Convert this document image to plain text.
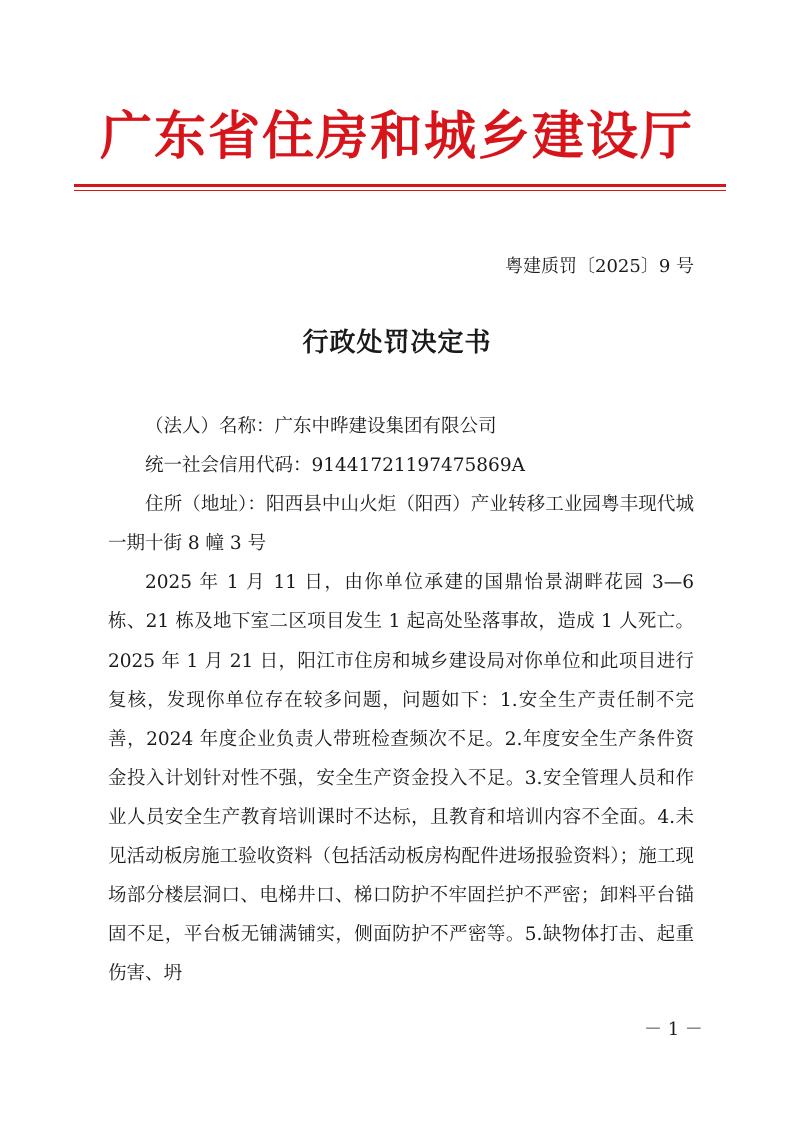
广东省住房和城乡建设厅
粤建质罚〔2025〕9 号
行政处罚决定书

（法人）名称：广东中晔建设集团有限公司

统一社会信用代码：91441721197475869A

住所（地址）：阳西县中山火炬（阳西）产业转移工业园粤丰现代城一期十街 8 幢 3 号

2025 年 1 月 11 日，由你单位承建的国鼎怡景湖畔花园 3—6 栋、21 栋及地下室二区项目发生 1 起高处坠落事故，造成 1 人死亡。2025 年 1 月 21 日，阳江市住房和城乡建设局对你单位和此项目进行复核，发现你单位存在较多问题，问题如下：1.安全生产责任制不完善，2024 年度企业负责人带班检查频次不足。2.年度安全生产条件资金投入计划针对性不强，安全生产资金投入不足。3.安全管理人员和作业人员安全生产教育培训课时不达标，且教育和培训内容不全面。4.未见活动板房施工验收资料（包括活动板房构配件进场报验资料）；施工现场部分楼层洞口、电梯井口、梯口防护不牢固拦护不严密；卸料平台锚固不足，平台板无铺满铺实，侧面防护不严密等。5.缺物体打击、起重伤害、坍

－ 1 －
